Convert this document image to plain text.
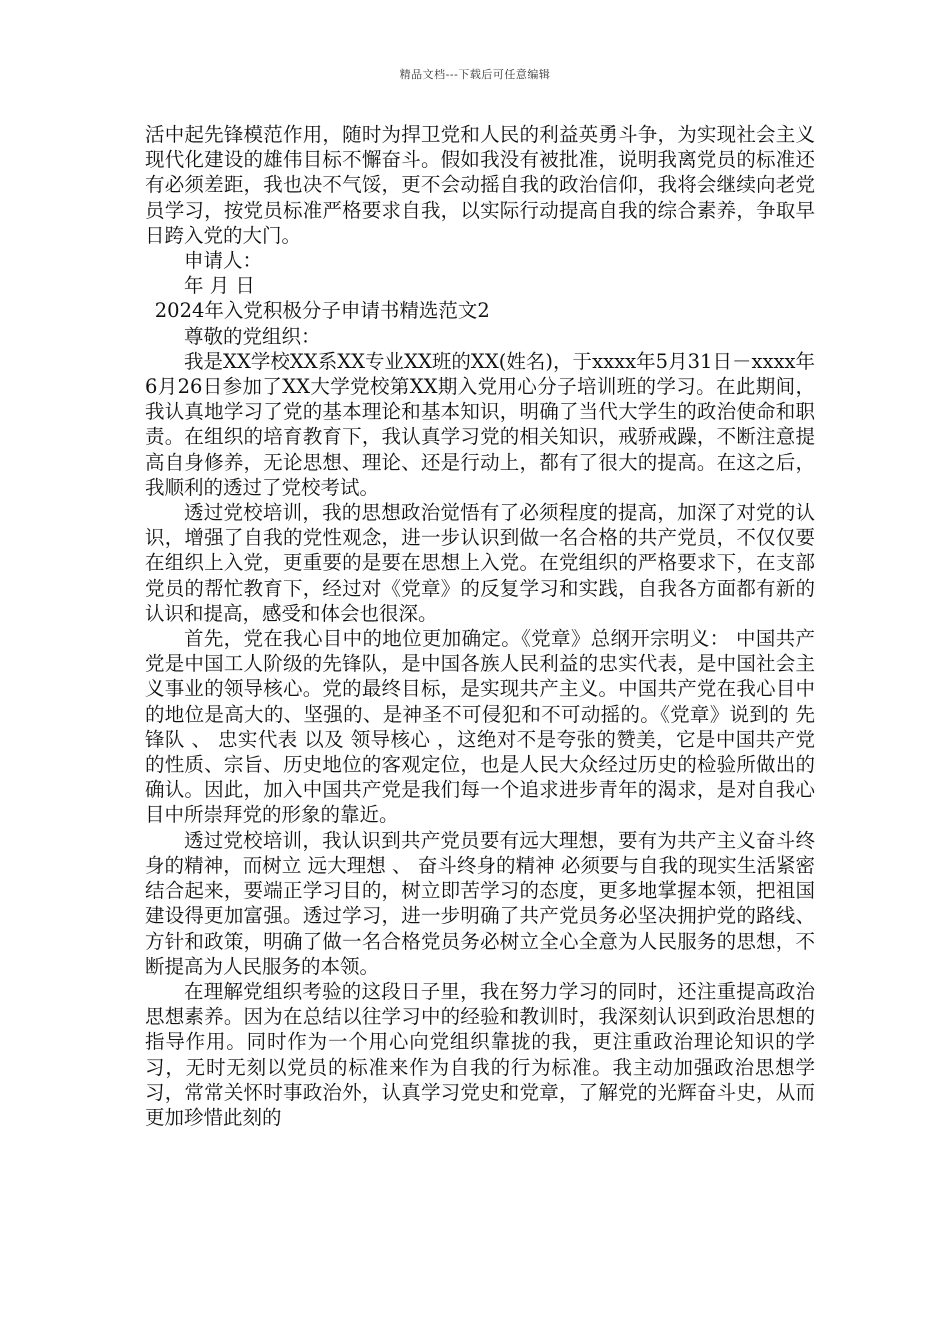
精品文档---下载后可任意编辑

活中起先锋模范作用，随时为捍卫党和人民的利益英勇斗争，为实现社会主义现代化建设的雄伟目标不懈奋斗。假如我没有被批准，说明我离党员的标准还有必须差距，我也决不气馁，更不会动摇自我的政治信仰，我将会继续向老党员学习，按党员标准严格要求自我，以实际行动提高自我的综合素养，争取早日跨入党的大门。

申请人：

年 月 日

2024年入党积极分子申请书精选范文2

尊敬的党组织：

我是XX学校XX系XX专业XX班的XX(姓名)，于xxxx年5月31日－xxxx年6月26日参加了XX大学党校第XX期入党用心分子培训班的学习。在此期间，我认真地学习了党的基本理论和基本知识，明确了当代大学生的政治使命和职责。在组织的培育教育下，我认真学习党的相关知识，戒骄戒躁，不断注意提高自身修养，无论思想、理论、还是行动上，都有了很大的提高。在这之后，我顺利的透过了党校考试。

透过党校培训，我的思想政治觉悟有了必须程度的提高，加深了对党的认识，增强了自我的党性观念，进一步认识到做一名合格的共产党员，不仅仅要在组织上入党，更重要的是要在思想上入党。在党组织的严格要求下，在支部党员的帮忙教育下，经过对《党章》的反复学习和实践，自我各方面都有新的认识和提高，感受和体会也很深。

首先，党在我心目中的地位更加确定。《党章》总纲开宗明义： 中国共产党是中国工人阶级的先锋队，是中国各族人民利益的忠实代表，是中国社会主义事业的领导核心。党的最终目标，是实现共产主义。中国共产党在我心目中的地位是高大的、坚强的、是神圣不可侵犯和不可动摇的。《党章》说到的 先锋队 、 忠实代表 以及 领导核心 ，这绝对不是夸张的赞美，它是中国共产党的性质、宗旨、历史地位的客观定位，也是人民大众经过历史的检验所做出的确认。因此，加入中国共产党是我们每一个追求进步青年的渴求，是对自我心目中所崇拜党的形象的靠近。

透过党校培训，我认识到共产党员要有远大理想，要有为共产主义奋斗终身的精神，而树立 远大理想 、 奋斗终身的精神 必须要与自我的现实生活紧密结合起来，要端正学习目的，树立即苦学习的态度，更多地掌握本领，把祖国建设得更加富强。透过学习，进一步明确了共产党员务必坚决拥护党的路线、方针和政策，明确了做一名合格党员务必树立全心全意为人民服务的思想，不断提高为人民服务的本领。

在理解党组织考验的这段日子里，我在努力学习的同时，还注重提高政治思想素养。因为在总结以往学习中的经验和教训时，我深刻认识到政治思想的指导作用。同时作为一个用心向党组织靠拢的我，更注重政治理论知识的学习，无时无刻以党员的标准来作为自我的行为标准。我主动加强政治思想学习，常常关怀时事政治外，认真学习党史和党章，了解党的光辉奋斗史，从而更加珍惜此刻的
